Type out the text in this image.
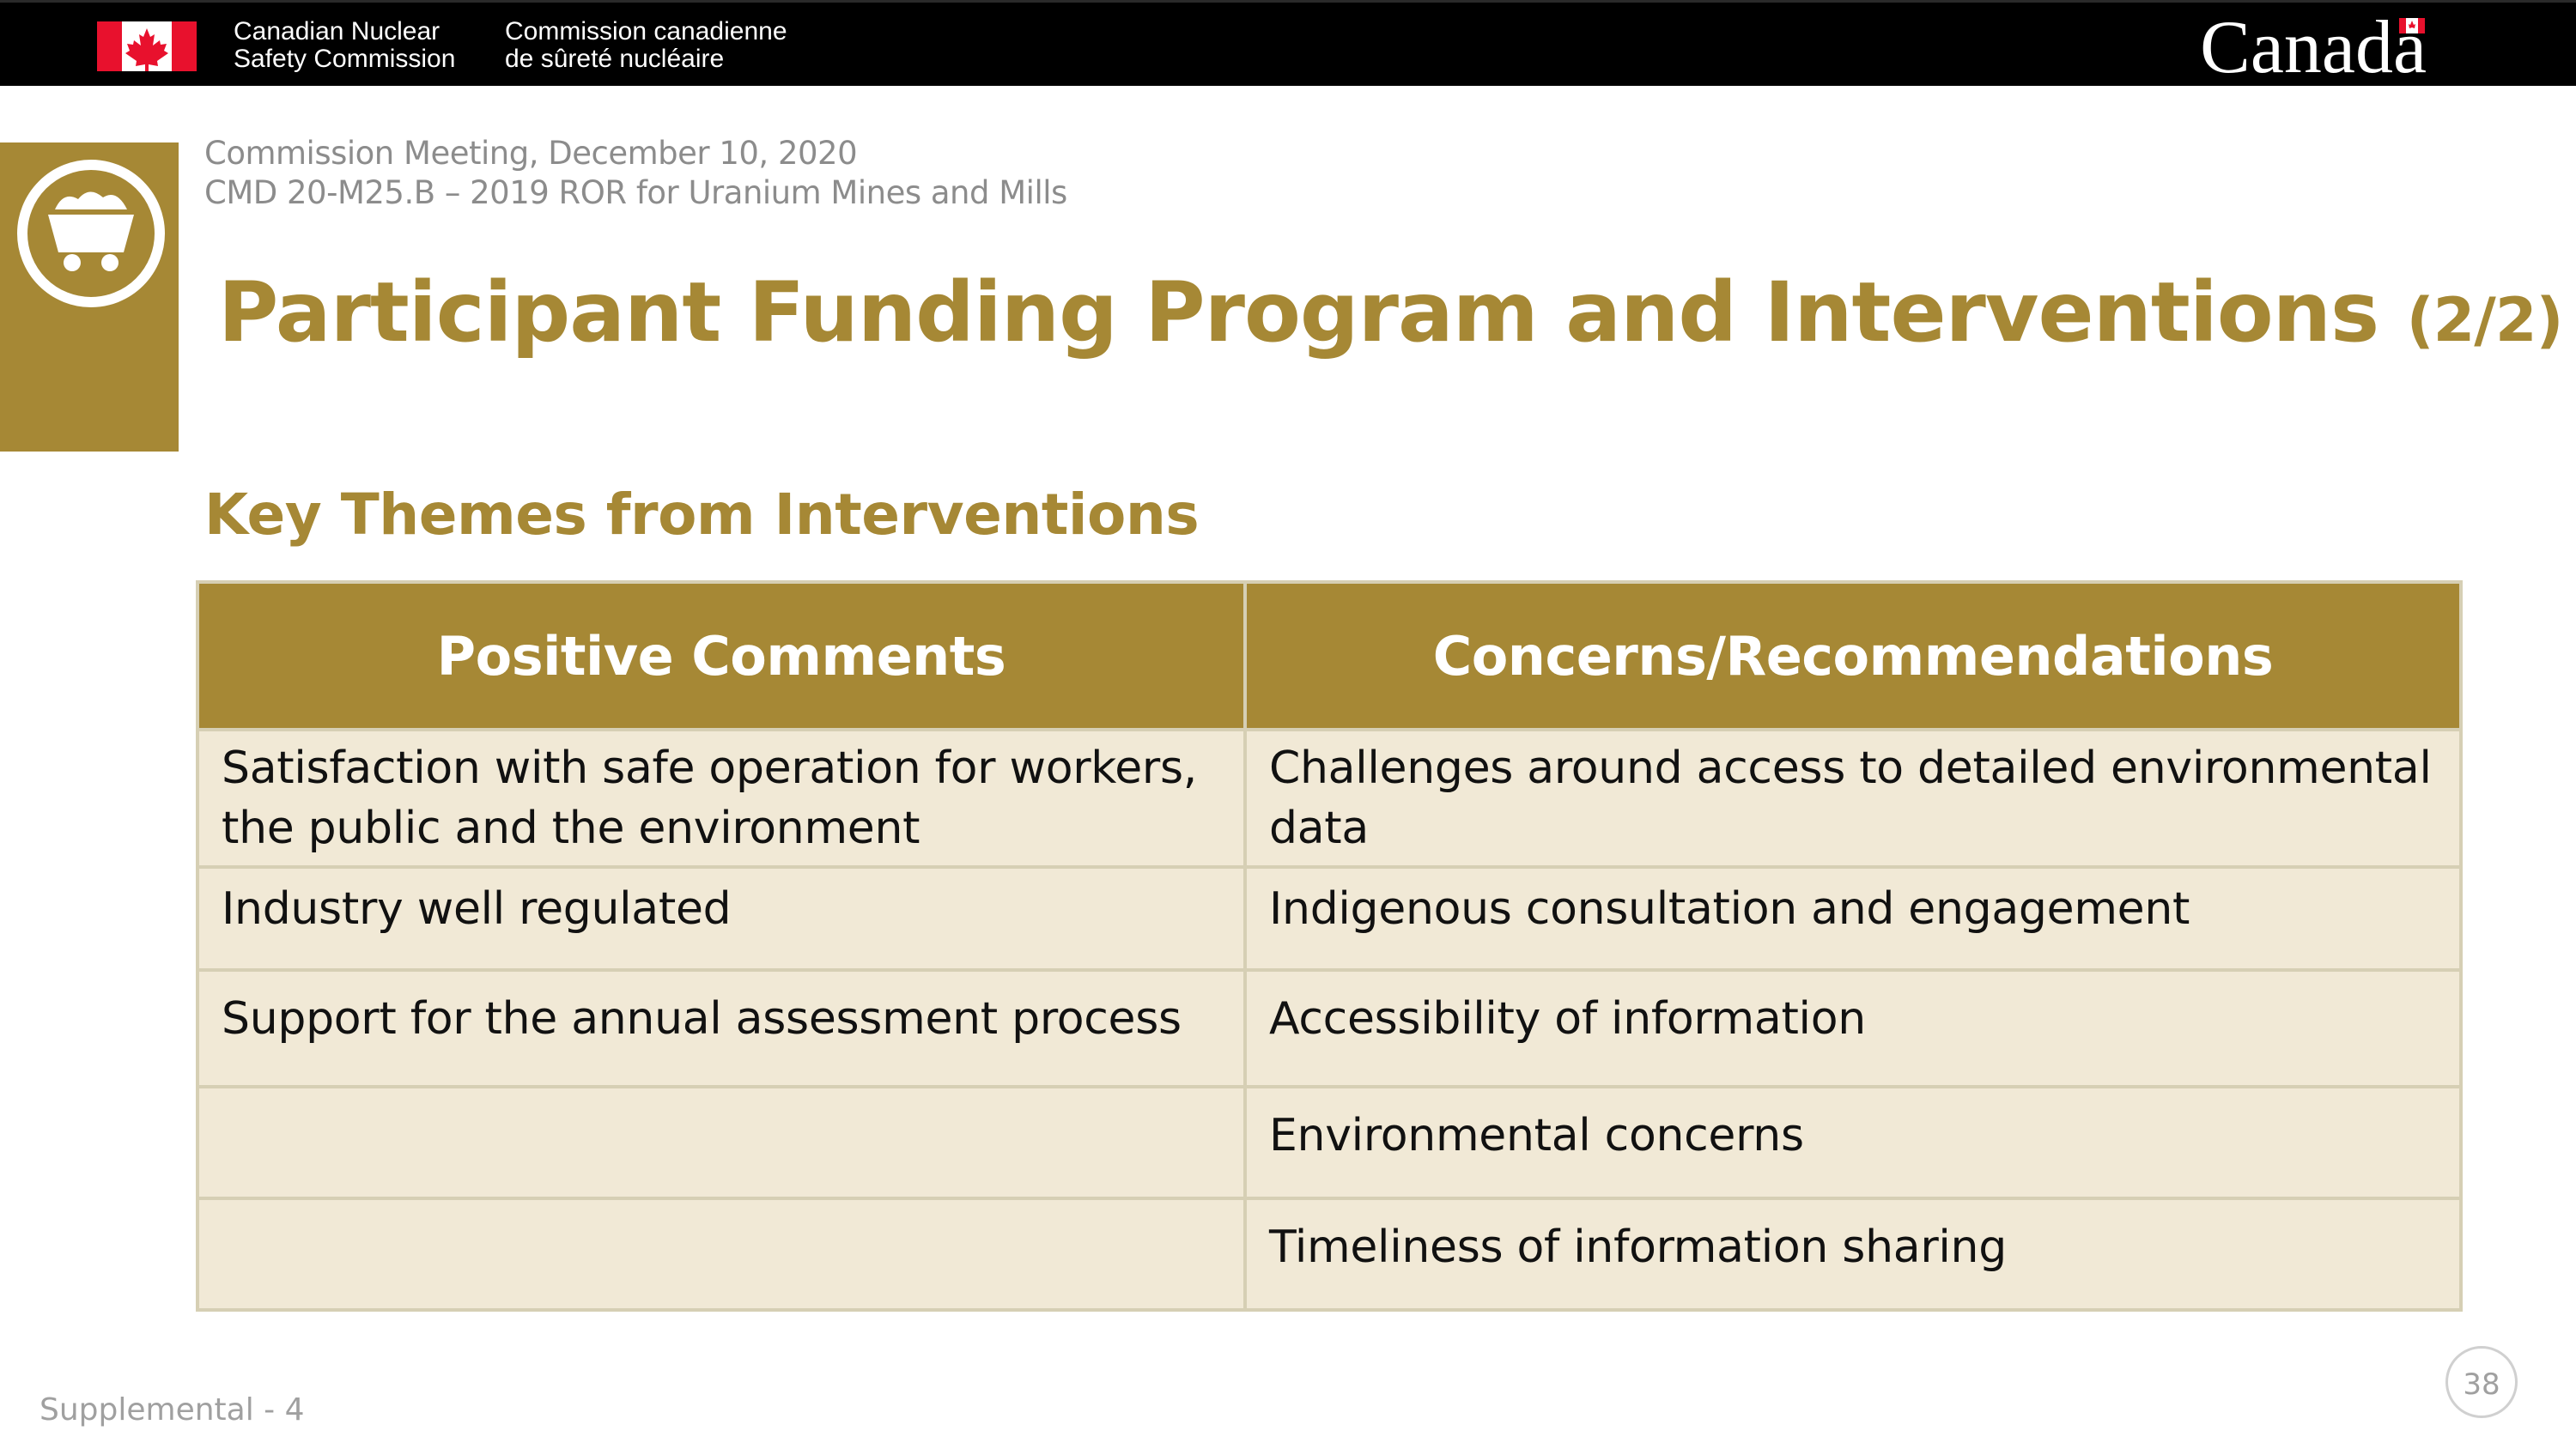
Canadian Nuclear
Safety Commission
Commission canadienne
de sûreté nucléaire	Canada
Commission Meeting, December 10, 2020
CMD 20-M25.B – 2019 ROR for Uranium Mines and Mills
Participant Funding Program and Interventions (2/2)
Key Themes from Interventions
Positive Comments	Concerns/Recommendations
Satisfaction with safe operation for workers, the public and the environment	Challenges around access to detailed environmental data
Industry well regulated	Indigenous consultation and engagement
Support for the annual assessment process	Accessibility of information
	Environmental concerns
	Timeliness of information sharing
Supplemental - 4
38
